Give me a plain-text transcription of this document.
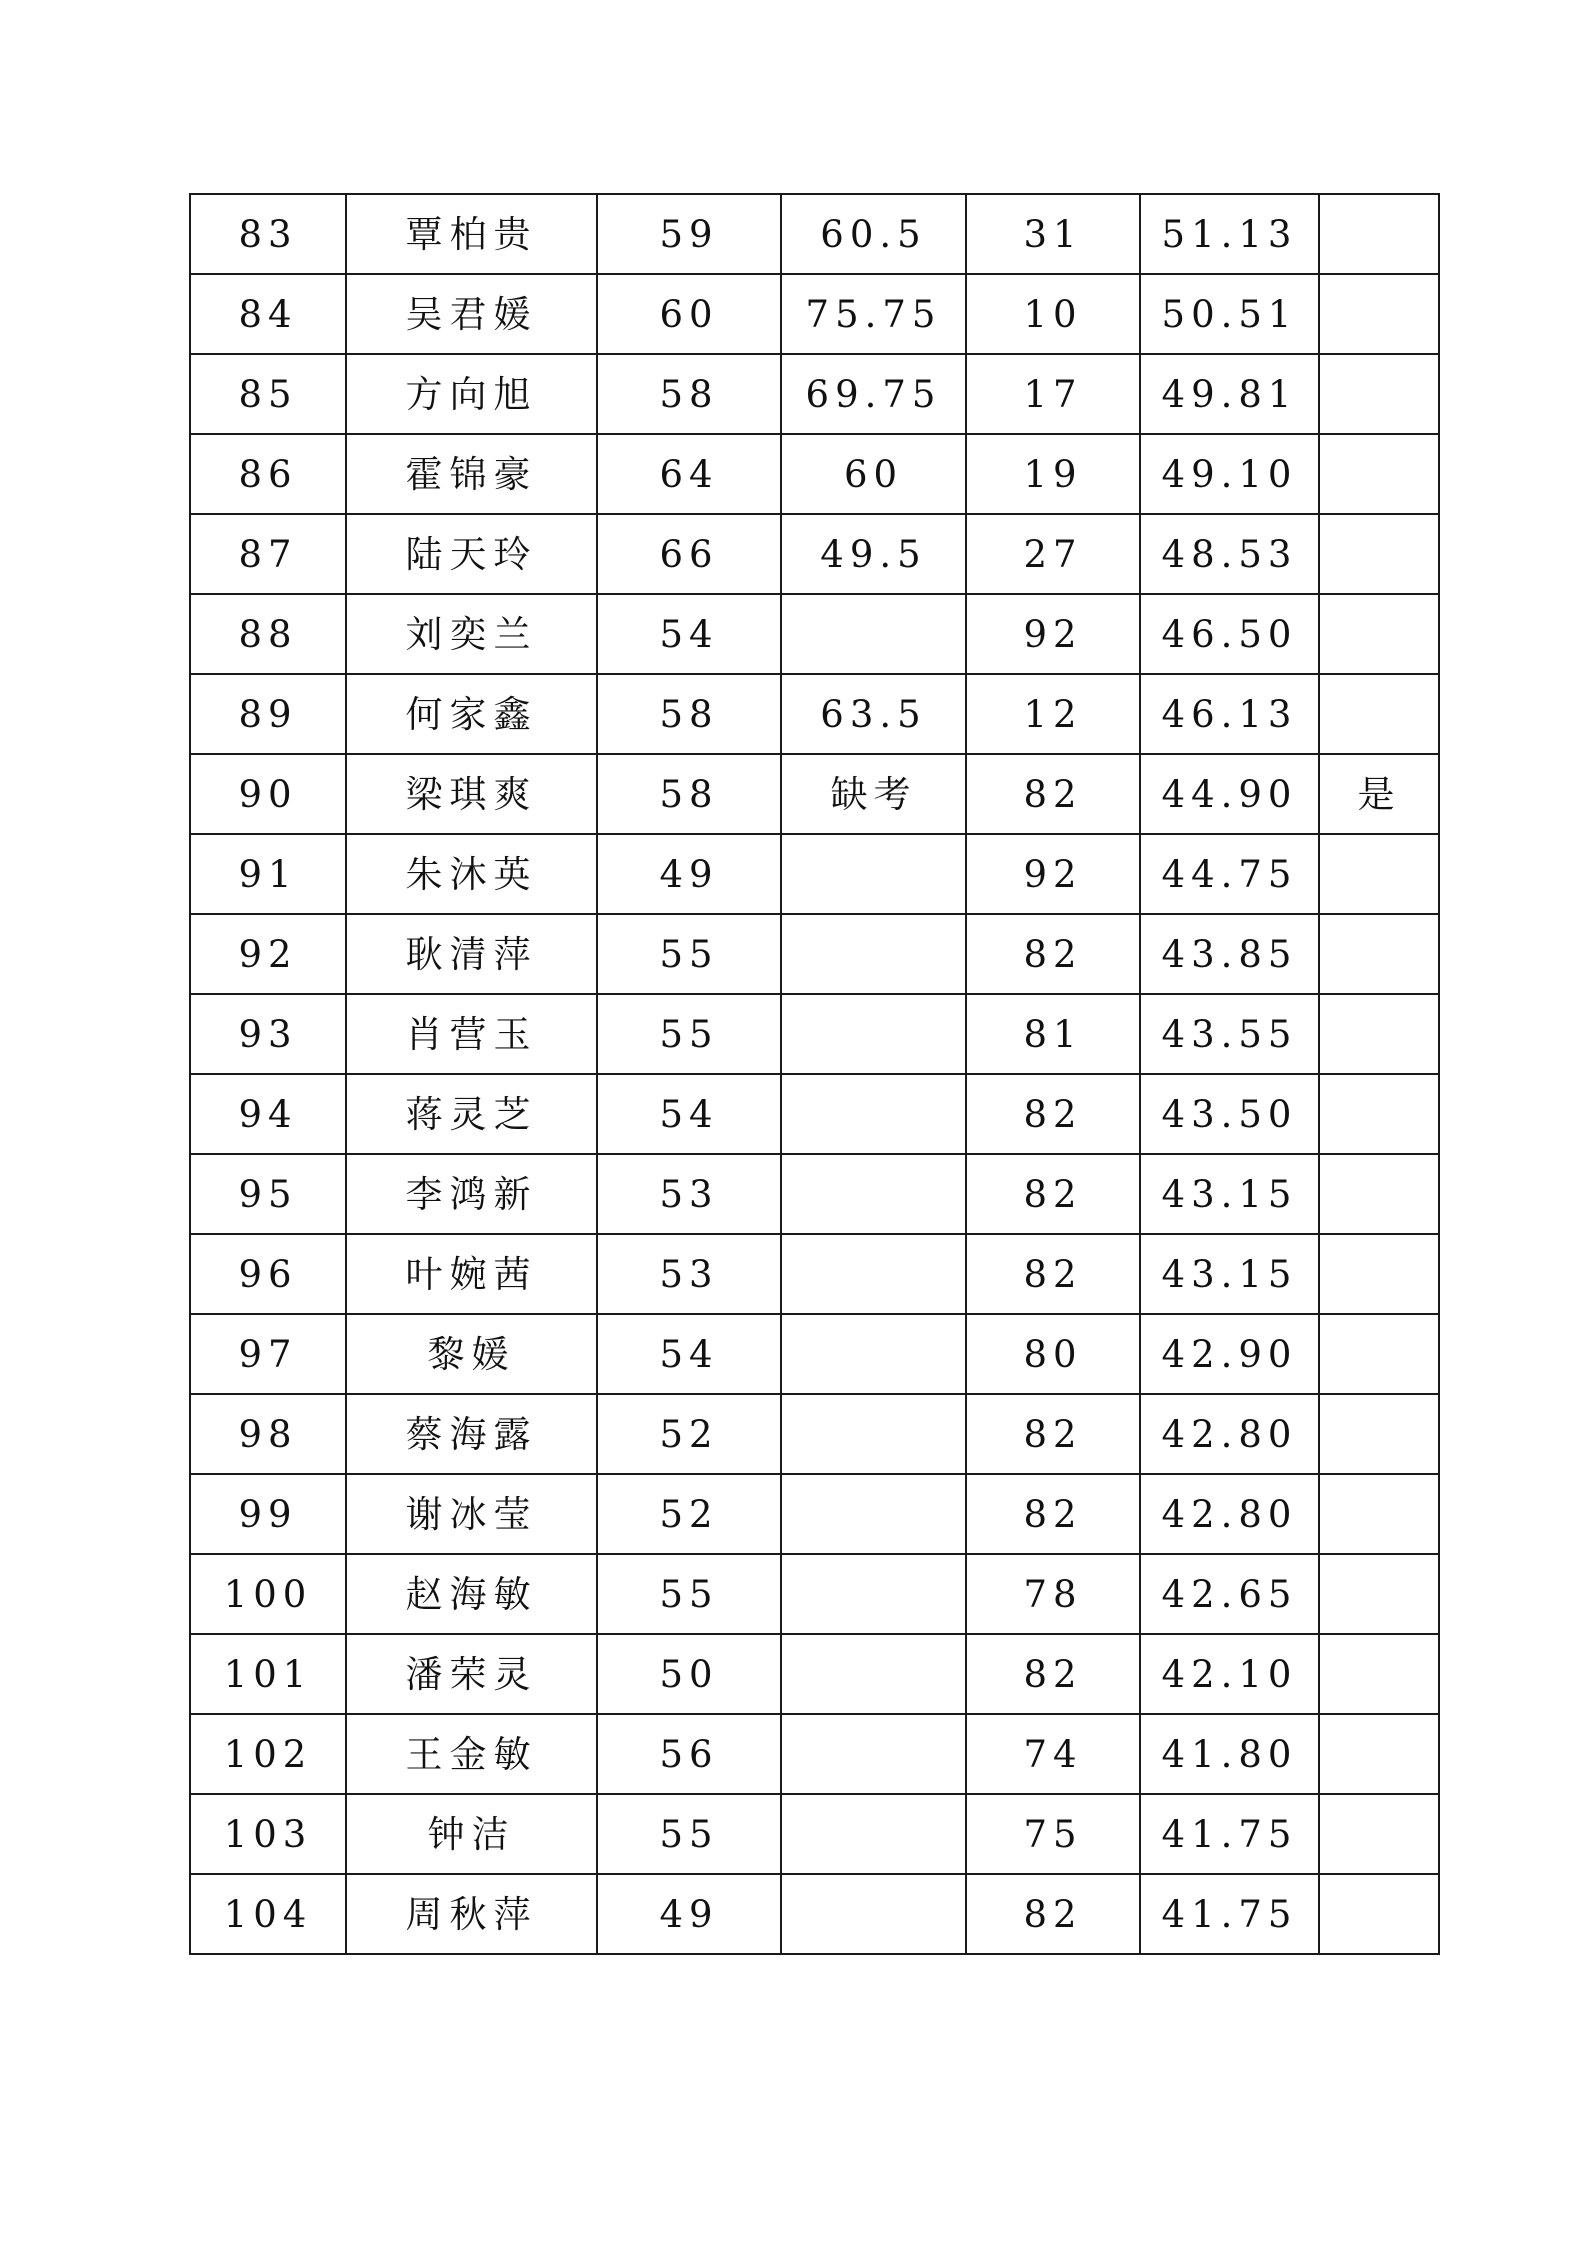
83	覃柏贵	59	60.5	31	51.13	
84	吴君媛	60	75.75	10	50.51	
85	方向旭	58	69.75	17	49.81	
86	霍锦豪	64	60	19	49.10	
87	陆天玲	66	49.5	27	48.53	
88	刘奕兰	54		92	46.50	
89	何家鑫	58	63.5	12	46.13	
90	梁琪爽	58	缺考	82	44.90	是
91	朱沐英	49		92	44.75	
92	耿清萍	55		82	43.85	
93	肖营玉	55		81	43.55	
94	蒋灵芝	54		82	43.50	
95	李鸿新	53		82	43.15	
96	叶婉茜	53		82	43.15	
97	黎媛	54		80	42.90	
98	蔡海露	52		82	42.80	
99	谢冰莹	52		82	42.80	
100	赵海敏	55		78	42.65	
101	潘荣灵	50		82	42.10	
102	王金敏	56		74	41.80	
103	钟洁	55		75	41.75	
104	周秋萍	49		82	41.75	
